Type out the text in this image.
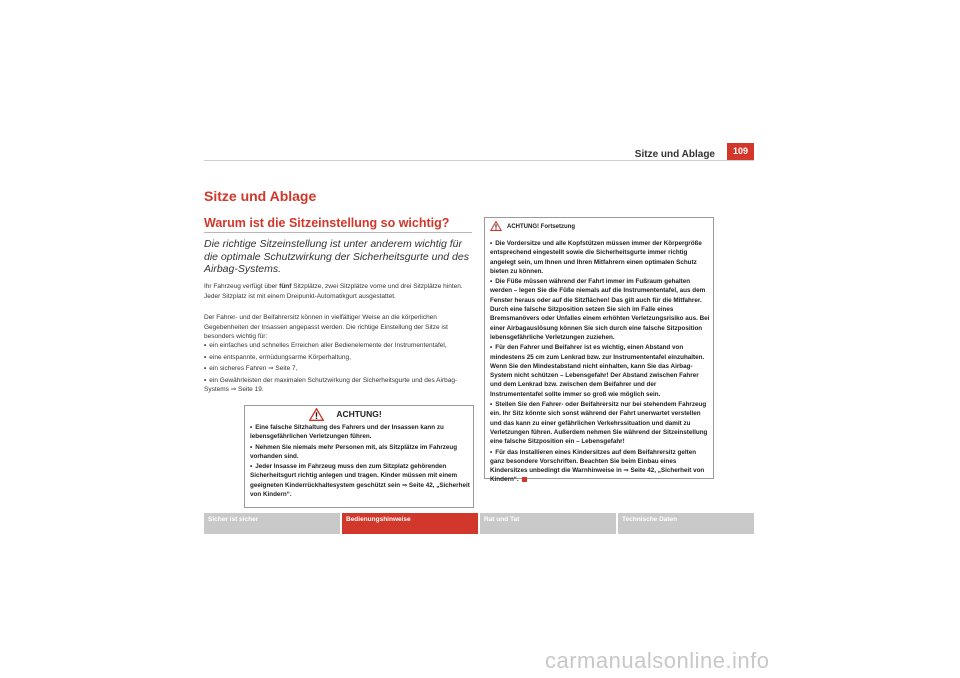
Sitze und Ablage	109
Sitze und Ablage
Warum ist die Sitzeinstellung so wichtig?
Die richtige Sitzeinstellung ist unter anderem wichtig für die optimale Schutzwirkung der Sicherheitsgurte und des Airbag-Systems.
Ihr Fahrzeug verfügt über fünf Sitzplätze, zwei Sitzplätze vorne und drei Sitzplätze hinten. Jeder Sitzplatz ist mit einem Dreipunkt-Automatikgurt ausgestattet.
Der Fahrer- und der Beifahrersitz können in vielfältiger Weise an die körperlichen Gegebenheiten der Insassen angepasst werden. Die richtige Einstellung der Sitze ist besonders wichtig für:
• ein einfaches und schnelles Erreichen aller Bedienelemente der Instrumententafel,
• eine entspannte, ermüdungsarme Körperhaltung,
• ein sicheres Fahren ⇒ Seite 7,
• ein Gewährleisten der maximalen Schutzwirkung der Sicherheitsgurte und des Airbag-Systems ⇒ Seite 19.
ACHTUNG!
• Eine falsche Sitzhaltung des Fahrers und der Insassen kann zu lebensgefährlichen Verletzungen führen.
• Nehmen Sie niemals mehr Personen mit, als Sitzplätze im Fahrzeug vorhanden sind.
• Jeder Insasse im Fahrzeug muss den zum Sitzplatz gehörenden Sicherheitsgurt richtig anlegen und tragen. Kinder müssen mit einem geeigneten Kinderrückhaltesystem geschützt sein ⇒ Seite 42, „Sicherheit von Kindern“.
ACHTUNG! Fortsetzung
• Die Vordersitze und alle Kopfstützen müssen immer der Körpergröße entsprechend eingestellt sowie die Sicherheitsgurte immer richtig angelegt sein, um Ihnen und Ihren Mitfahrern einen optimalen Schutz bieten zu können.
• Die Füße müssen während der Fahrt immer im Fußraum gehalten werden – legen Sie die Füße niemals auf die Instrumententafel, aus dem Fenster heraus oder auf die Sitzflächen! Das gilt auch für die Mitfahrer. Durch eine falsche Sitzposition setzen Sie sich im Falle eines Bremsmanövers oder Unfalles einem erhöhten Verletzungsrisiko aus. Bei einer Airbagauslösung können Sie sich durch eine falsche Sitzposition lebensgefährliche Verletzungen zuziehen.
• Für den Fahrer und Beifahrer ist es wichtig, einen Abstand von mindestens 25 cm zum Lenkrad bzw. zur Instrumententafel einzuhalten. Wenn Sie den Mindestabstand nicht einhalten, kann Sie das Airbag-System nicht schützen – Lebensgefahr! Der Abstand zwischen Fahrer und dem Lenkrad bzw. zwischen dem Beifahrer und der Instrumententafel sollte immer so groß wie möglich sein.
• Stellen Sie den Fahrer- oder Beifahrersitz nur bei stehendem Fahrzeug ein. Ihr Sitz könnte sich sonst während der Fahrt unerwartet verstellen und das kann zu einer gefährlichen Verkehrssituation und damit zu Verletzungen führen. Außerdem nehmen Sie während der Sitzeinstellung eine falsche Sitzposition ein – Lebensgefahr!
• Für das Installieren eines Kindersitzes auf dem Beifahrersitz gelten ganz besondere Vorschriften. Beachten Sie beim Einbau eines Kindersitzes unbedingt die Warnhinweise in ⇒ Seite 42, „Sicherheit von Kindern“.
Sicher ist sicher	Bedienungshinweise	Rat und Tat	Technische Daten
carmanualsonline.info
